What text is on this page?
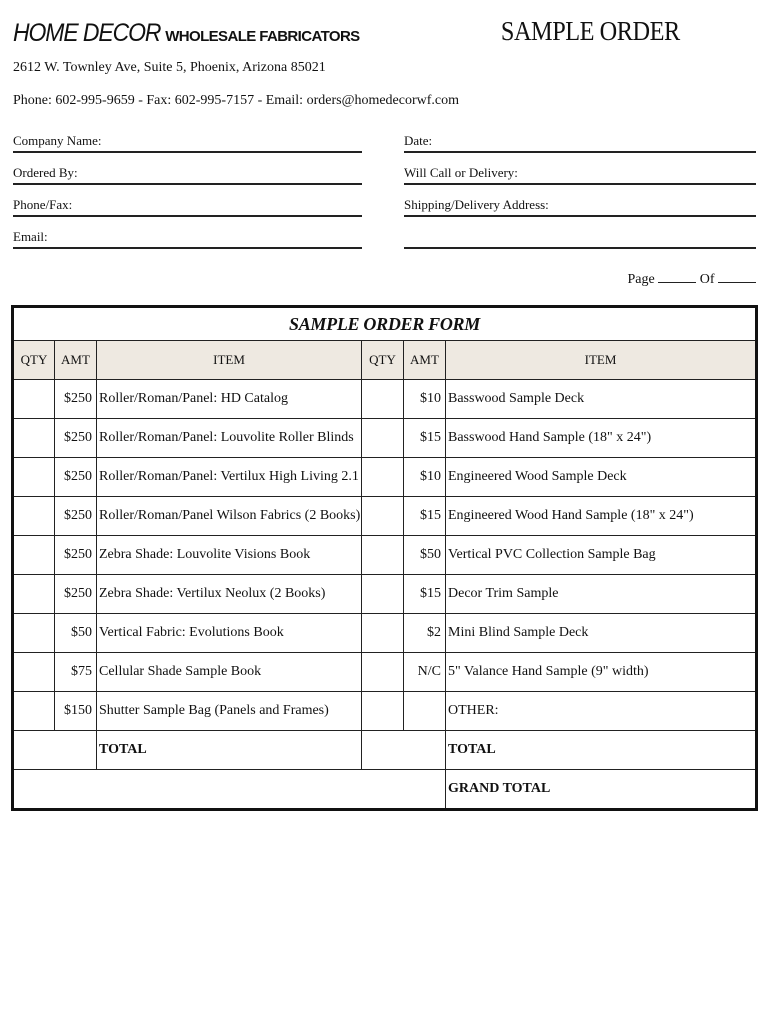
HOME DECOR WHOLESALE FABRICATORS	SAMPLE ORDER
2612 W. Townley Ave, Suite 5, Phoenix, Arizona 85021
Phone: 602-995-9659 - Fax: 602-995-7157 - Email: orders@homedecorwf.com
Company Name:
Ordered By:
Phone/Fax:
Email:
Date:
Will Call or Delivery:
Shipping/Delivery Address:
Page	Of
SAMPLE ORDER FORM					
QTY	AMT	ITEM	QTY	AMT	ITEM
	$250	Roller/Roman/Panel: HD Catalog		$10	Basswood Sample Deck
	$250	Roller/Roman/Panel: Louvolite Roller Blinds		$15	Basswood Hand Sample (18" x 24")
	$250	Roller/Roman/Panel: Vertilux High Living 2.1		$10	Engineered Wood Sample Deck
	$250	Roller/Roman/Panel Wilson Fabrics (2 Books)		$15	Engineered Wood Hand Sample (18" x 24")
	$250	Zebra Shade: Louvolite Visions Book		$50	Vertical PVC Collection Sample Bag
	$250	Zebra Shade: Vertilux Neolux (2 Books)		$15	Decor Trim Sample
	$50	Vertical Fabric: Evolutions Book		$2	Mini Blind Sample Deck
	$75	Cellular Shade Sample Book		N/C	5" Valance Hand Sample (9" width)
	$150	Shutter Sample Bag (Panels and Frames)			OTHER:
		TOTAL			TOTAL
					GRAND TOTAL
